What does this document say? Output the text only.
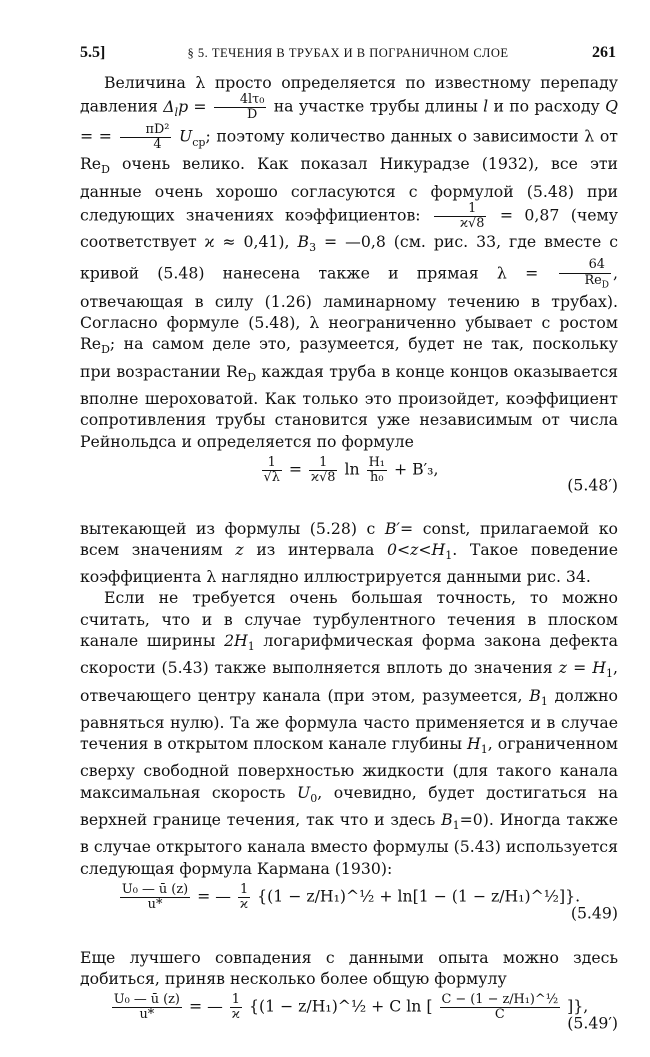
5.5]	§ 5. ТЕЧЕНИЯ В ТРУБАХ И В ПОГРАНИЧНОМ СЛОЕ	261

Величина λ просто определяется по известному перепаду давления $\Delta_lp = \frac{\text{4lτ₀}}{D}$ на участке трубы длины l и по расходу Q = = $\frac{\text{πD²}}{4} U_{ср}$; поэтому количество данных о зависимости λ от $Re_D$ очень велико. Как показал Никурадзе (1932), все эти данные очень хорошо согласуются с формулой (5.48) при следующих значениях коэффициентов: $\frac{1}{ϰ√8} = 0,87$ (чему соответствует ϰ ≈ 0,41), $B_3$ = —0,8 (см. рис. 33, где вместе с кривой (5.48) нанесена также и прямая $\lambda = \frac{64}{Re_D}$ , отвечающая в силу (1.26) ламинарному течению в трубах). Согласно формуле (5.48), λ неограниченно убывает с ростом $Re_D$; на самом деле это, разумеется, будет не так, поскольку при возрастании $Re_D$ каждая труба в конце концов оказывается вполне шероховатой. Как только это произойдет, коэффициент сопротивления трубы становится уже независимым от числа Рейнольдса и определяется по формуле

$\frac{1}{√\lambda} = \frac{1}{ϰ√8}$ $\ln \frac{\text{H₁}}{\text{h₀}} + B'_3$,
(5.48′)

вытекающей из формулы (5.28) с B′= const, прилагаемой ко всем значениям z из интервала $0<z<H_1$. Такое поведение коэффициента λ наглядно иллюстрируется данными рис. 34.

Если не требуется очень большая точность, то можно считать, что и в случае турбулентного течения в плоском канале ширины $2H_1$ логарифмическая форма закона дефекта скорости (5.43) также выполняется вплоть до значения $z = H_1$, отвечающего центру канала (при этом, разумеется, $B_1$ должно равняться нулю). Та же формула часто применяется и в случае течения в открытом плоском канале глубины $H_1$, ограниченном сверху свободной поверхностью жидкости (для такого канала максимальная скорость $U_0$, очевидно, будет достигаться на верхней границе течения, так что и здесь $B_1=0$). Иногда также в случае открытого канала вместо формулы (5.43) используется следующая формула Кармана (1930):

$\frac{\text{U₀ — ū (z)}}{u*}$ = — $\frac{1}{ϰ} \{(1$ − z/H₁)^½ + ln[1 − (1 − z/H₁)^½]}.
(5.49)

Еще лучшего совпадения с данными опыта можно здесь добиться, приняв несколько более общую формулу

$\frac{\text{U₀ — ū (z)}}{u*}$ = — $\frac{1}{ϰ} \{(1$ − z/H₁)^½ + C ln [ $\frac{\text{C − (1 − z/H₁)\textasciicircum{}½}}{C}$ ]},
(5.49′)
